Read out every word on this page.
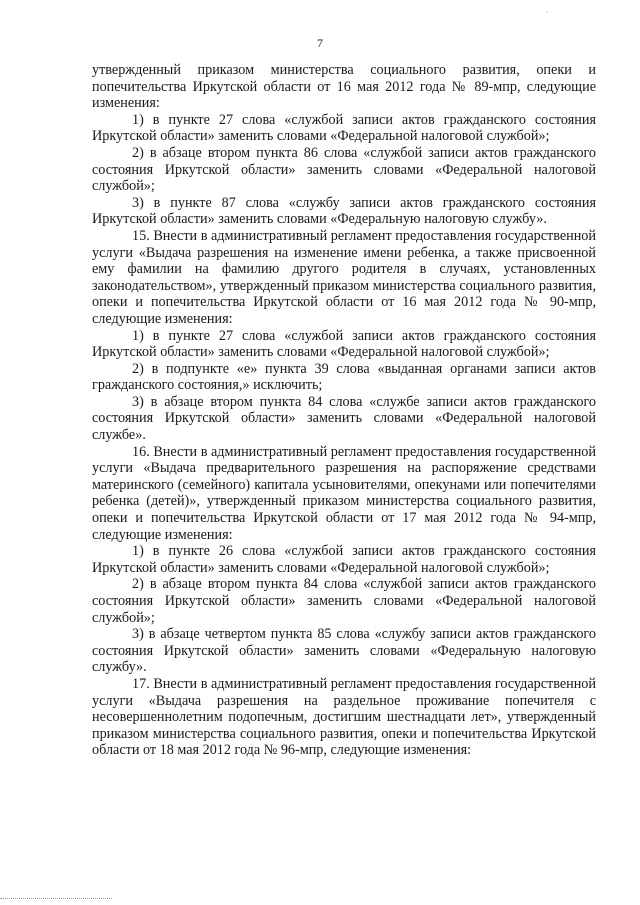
·
7

утвержденный приказом министерства социального развития, опеки и попечительства Иркутской области от 16 мая 2012 года № 89-мпр, следующие изменения:

1) в пункте 27 слова «службой записи актов гражданского состояния Иркутской области» заменить словами «Федеральной налоговой службой»;

2) в абзаце втором пункта 86 слова «службой записи актов гражданского состояния Иркутской области» заменить словами «Федеральной налоговой службой»;

3) в пункте 87 слова «службу записи актов гражданского состояния Иркутской области» заменить словами «Федеральную налоговую службу».

15. Внести в административный регламент предоставления государственной услуги «Выдача разрешения на изменение имени ребенка, а также присвоенной ему фамилии на фамилию другого родителя в случаях, установленных законодательством», утвержденный приказом министерства социального развития, опеки и попечительства Иркутской области от 16 мая 2012 года № 90-мпр, следующие изменения:

1) в пункте 27 слова «службой записи актов гражданского состояния Иркутской области» заменить словами «Федеральной налоговой службой»;

2) в подпункте «е» пункта 39 слова «выданная органами записи актов гражданского состояния,» исключить;

3) в абзаце втором пункта 84 слова «службе записи актов гражданского состояния Иркутской области» заменить словами «Федеральной налоговой службе».

16. Внести в административный регламент предоставления государственной услуги «Выдача предварительного разрешения на распоряжение средствами материнского (семейного) капитала усыновителями, опекунами или попечителями ребенка (детей)», утвержденный приказом министерства социального развития, опеки и попечительства Иркутской области от 17 мая 2012 года № 94-мпр, следующие изменения:

1) в пункте 26 слова «службой записи актов гражданского состояния Иркутской области» заменить словами «Федеральной налоговой службой»;

2) в абзаце втором пункта 84 слова «службой записи актов гражданского состояния Иркутской области» заменить словами «Федеральной налоговой службой»;

3) в абзаце четвертом пункта 85 слова «службу записи актов гражданского состояния Иркутской области» заменить словами «Федеральную налоговую службу».

17. Внести в административный регламент предоставления государственной услуги «Выдача разрешения на раздельное проживание попечителя с несовершеннолетним подопечным, достигшим шестнадцати лет», утвержденный приказом министерства социального развития, опеки и попечительства Иркутской области от 18 мая 2012 года № 96-мпр, следующие изменения:
